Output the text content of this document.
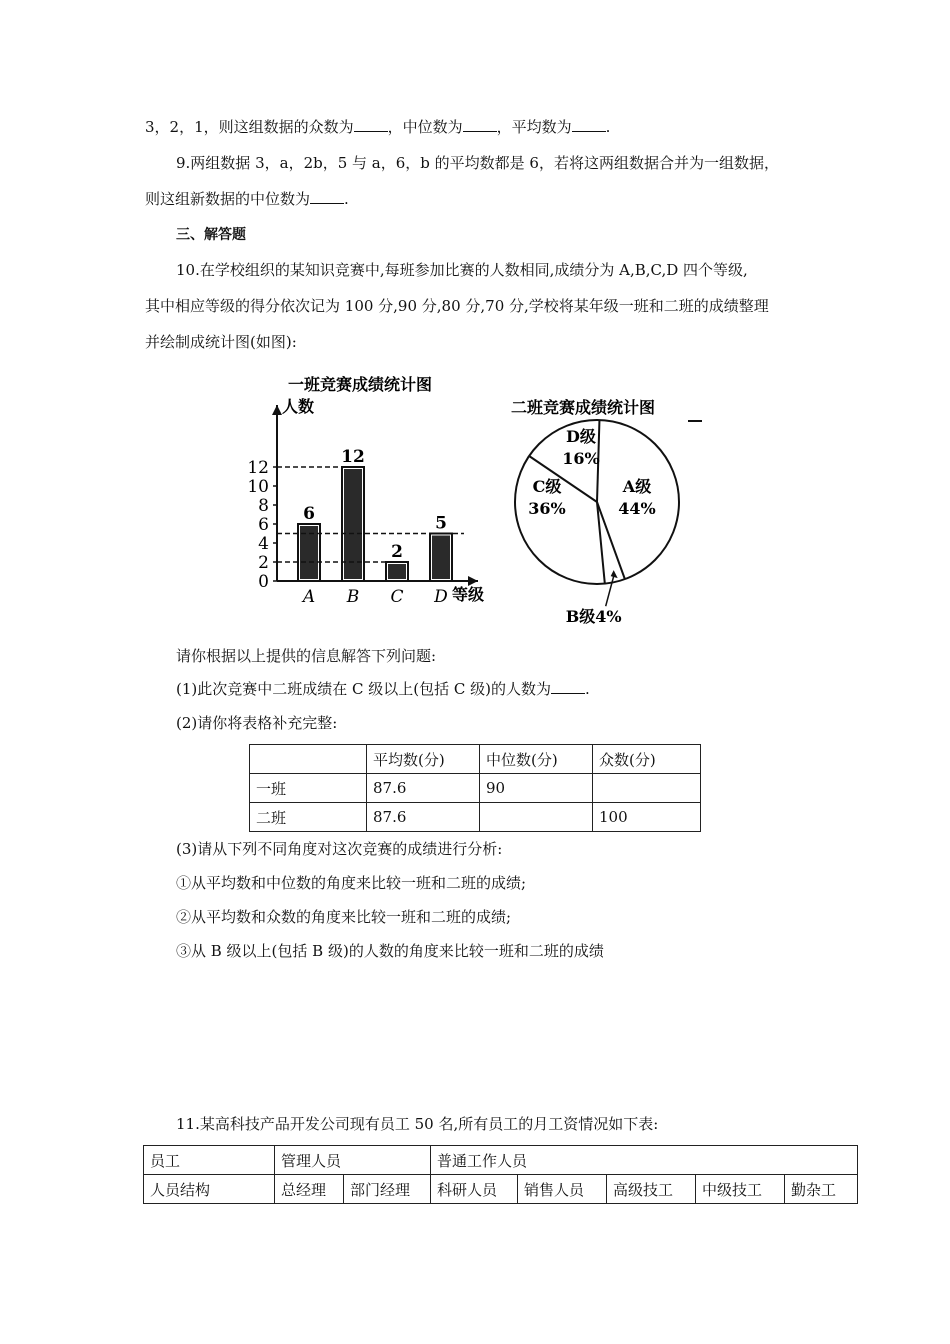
3，2，1，则这组数据的众数为 ，中位数为 ，平均数为 .
9.两组数据 3，a，2b，5 与 a，6，b 的平均数都是 6，若将这两组数据合并为一组数据，
则这组新数据的中位数为 .
三、解答题
10.在学校组织的某知识竞赛中,每班参加比赛的人数相同,成绩分为 A,B,C,D 四个等级,
其中相应等级的得分依次记为 100 分,90 分,80 分,70 分,学校将某年级一班和二班的成绩整理
并绘制成统计图(如图):
一班竞赛成绩统计图
人数
等级
0
2
4
6
8
10
12
6
A
12
B
2
C
5
D
二班竞赛成绩统计图
A级
44%
C级
36%
D级
16%
B级4%
请你根据以上提供的信息解答下列问题:
(1)此次竞赛中二班成绩在 C 级以上(包括 C 级)的人数为 .
(2)请你将表格补充完整:
	平均数(分)	中位数(分)	众数(分)
一班	87.6	90	
二班	87.6		100
(3)请从下列不同角度对这次竞赛的成绩进行分析:
①从平均数和中位数的角度来比较一班和二班的成绩;
②从平均数和众数的角度来比较一班和二班的成绩;
③从 B 级以上(包括 B 级)的人数的角度来比较一班和二班的成绩
11.某高科技产品开发公司现有员工 50 名,所有员工的月工资情况如下表:
员工	管理人员		普通工作人员				
人员结构	总经理	部门经理	科研人员	销售人员	高级技工	中级技工	勤杂工
